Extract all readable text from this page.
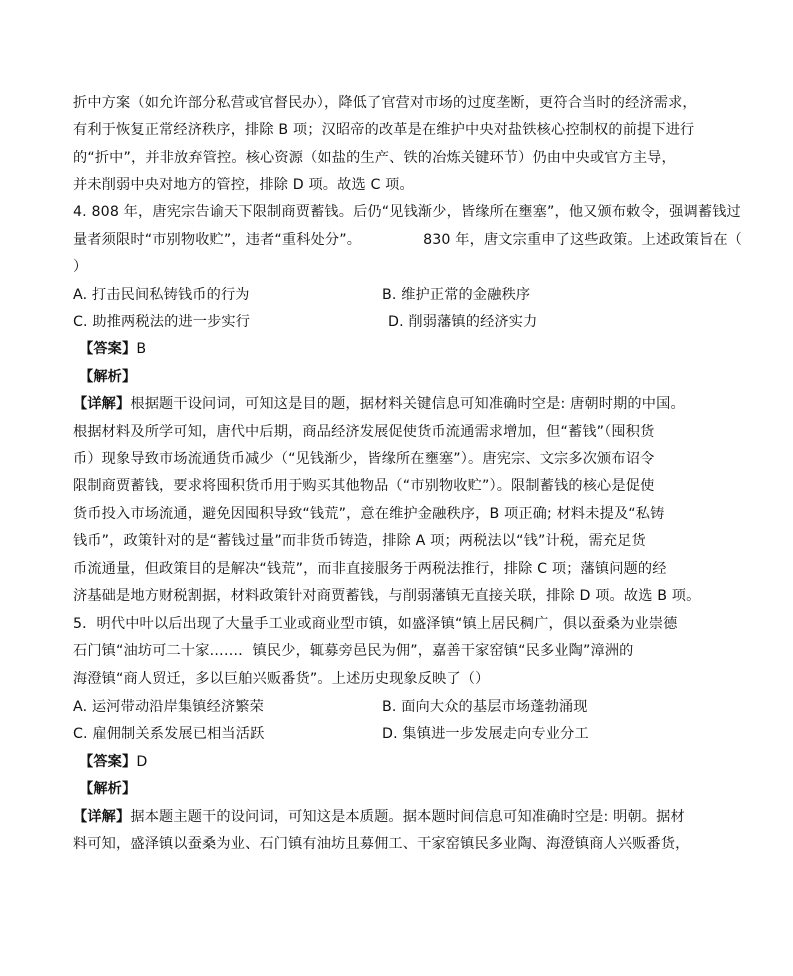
折中方案（如允许部分私营或官督民办），降低了官营对市场的过度垄断，更符合当时的经济需求，
有利于恢复正常经济秩序，排除 B 项；汉昭帝的改革是在维护中央对盐铁核心控制权的前提下进行
的“折中”，并非放弃管控。核心资源（如盐的生产、铁的冶炼关键环节）仍由中央或官方主导，
并未削弱中央对地方的管控，排除 D 项。故选 C 项。
4. 808 年，唐宪宗告谕天下限制商贾蓄钱。后仍“见钱渐少，皆缘所在壅塞”，他又颁布敕令，强调蓄钱过
量者须限时“市别物收贮”，违者“重科处分”。	830 年，唐文宗重申了这些政策。上述政策旨在（
）
A. 打击民间私铸钱币的行为	B. 维护正常的金融秩序
C. 助推两税法的进一步实行	D. 削弱藩镇的经济实力
【答案】B
【解析】
【详解】根据题干设问词，可知这是目的题，据材料关键信息可知准确时空是: 唐朝时期的中国。
根据材料及所学可知，唐代中后期，商品经济发展促使货币流通需求增加，但“蓄钱”（囤积货
币）现象导致市场流通货币减少（“见钱渐少，皆缘所在壅塞”）。唐宪宗、文宗多次颁布诏令
限制商贾蓄钱，要求将囤积货币用于购买其他物品（“市别物收贮”）。限制蓄钱的核心是促使
货币投入市场流通，避免因囤积导致“钱荒”，意在维护金融秩序，B 项正确; 材料未提及“私铸
钱币”，政策针对的是“蓄钱过量”而非货币铸造，排除 A 项；两税法以“钱”计税，需充足货
币流通量，但政策目的是解决“钱荒”，而非直接服务于两税法推行，排除 C 项；藩镇问题的经
济基础是地方财税割据，材料政策针对商贾蓄钱，与削弱藩镇无直接关联，排除 D 项。故选 B 项。
5．明代中叶以后出现了大量手工业或商业型市镇，如盛泽镇“镇上居民稠广，俱以蚕桑为业崇德
石门镇“油坊可二十家……．镇民少，辄募旁邑民为佣”，嘉善干家窑镇“民多业陶”漳洲的
海澄镇“商人贸迁，多以巨舶兴贩番货”。上述历史现象反映了（）
A. 运河带动沿岸集镇经济繁荣	B. 面向大众的基层市场蓬勃涌现
C. 雇佣制关系发展已相当活跃	D. 集镇进一步发展走向专业分工
【答案】D
【解析】
【详解】据本题主题干的设问词，可知这是本质题。据本题时间信息可知准确时空是: 明朝。据材
料可知，盛泽镇以蚕桑为业、石门镇有油坊且募佣工、干家窑镇民多业陶、海澄镇商人兴贩番货，
